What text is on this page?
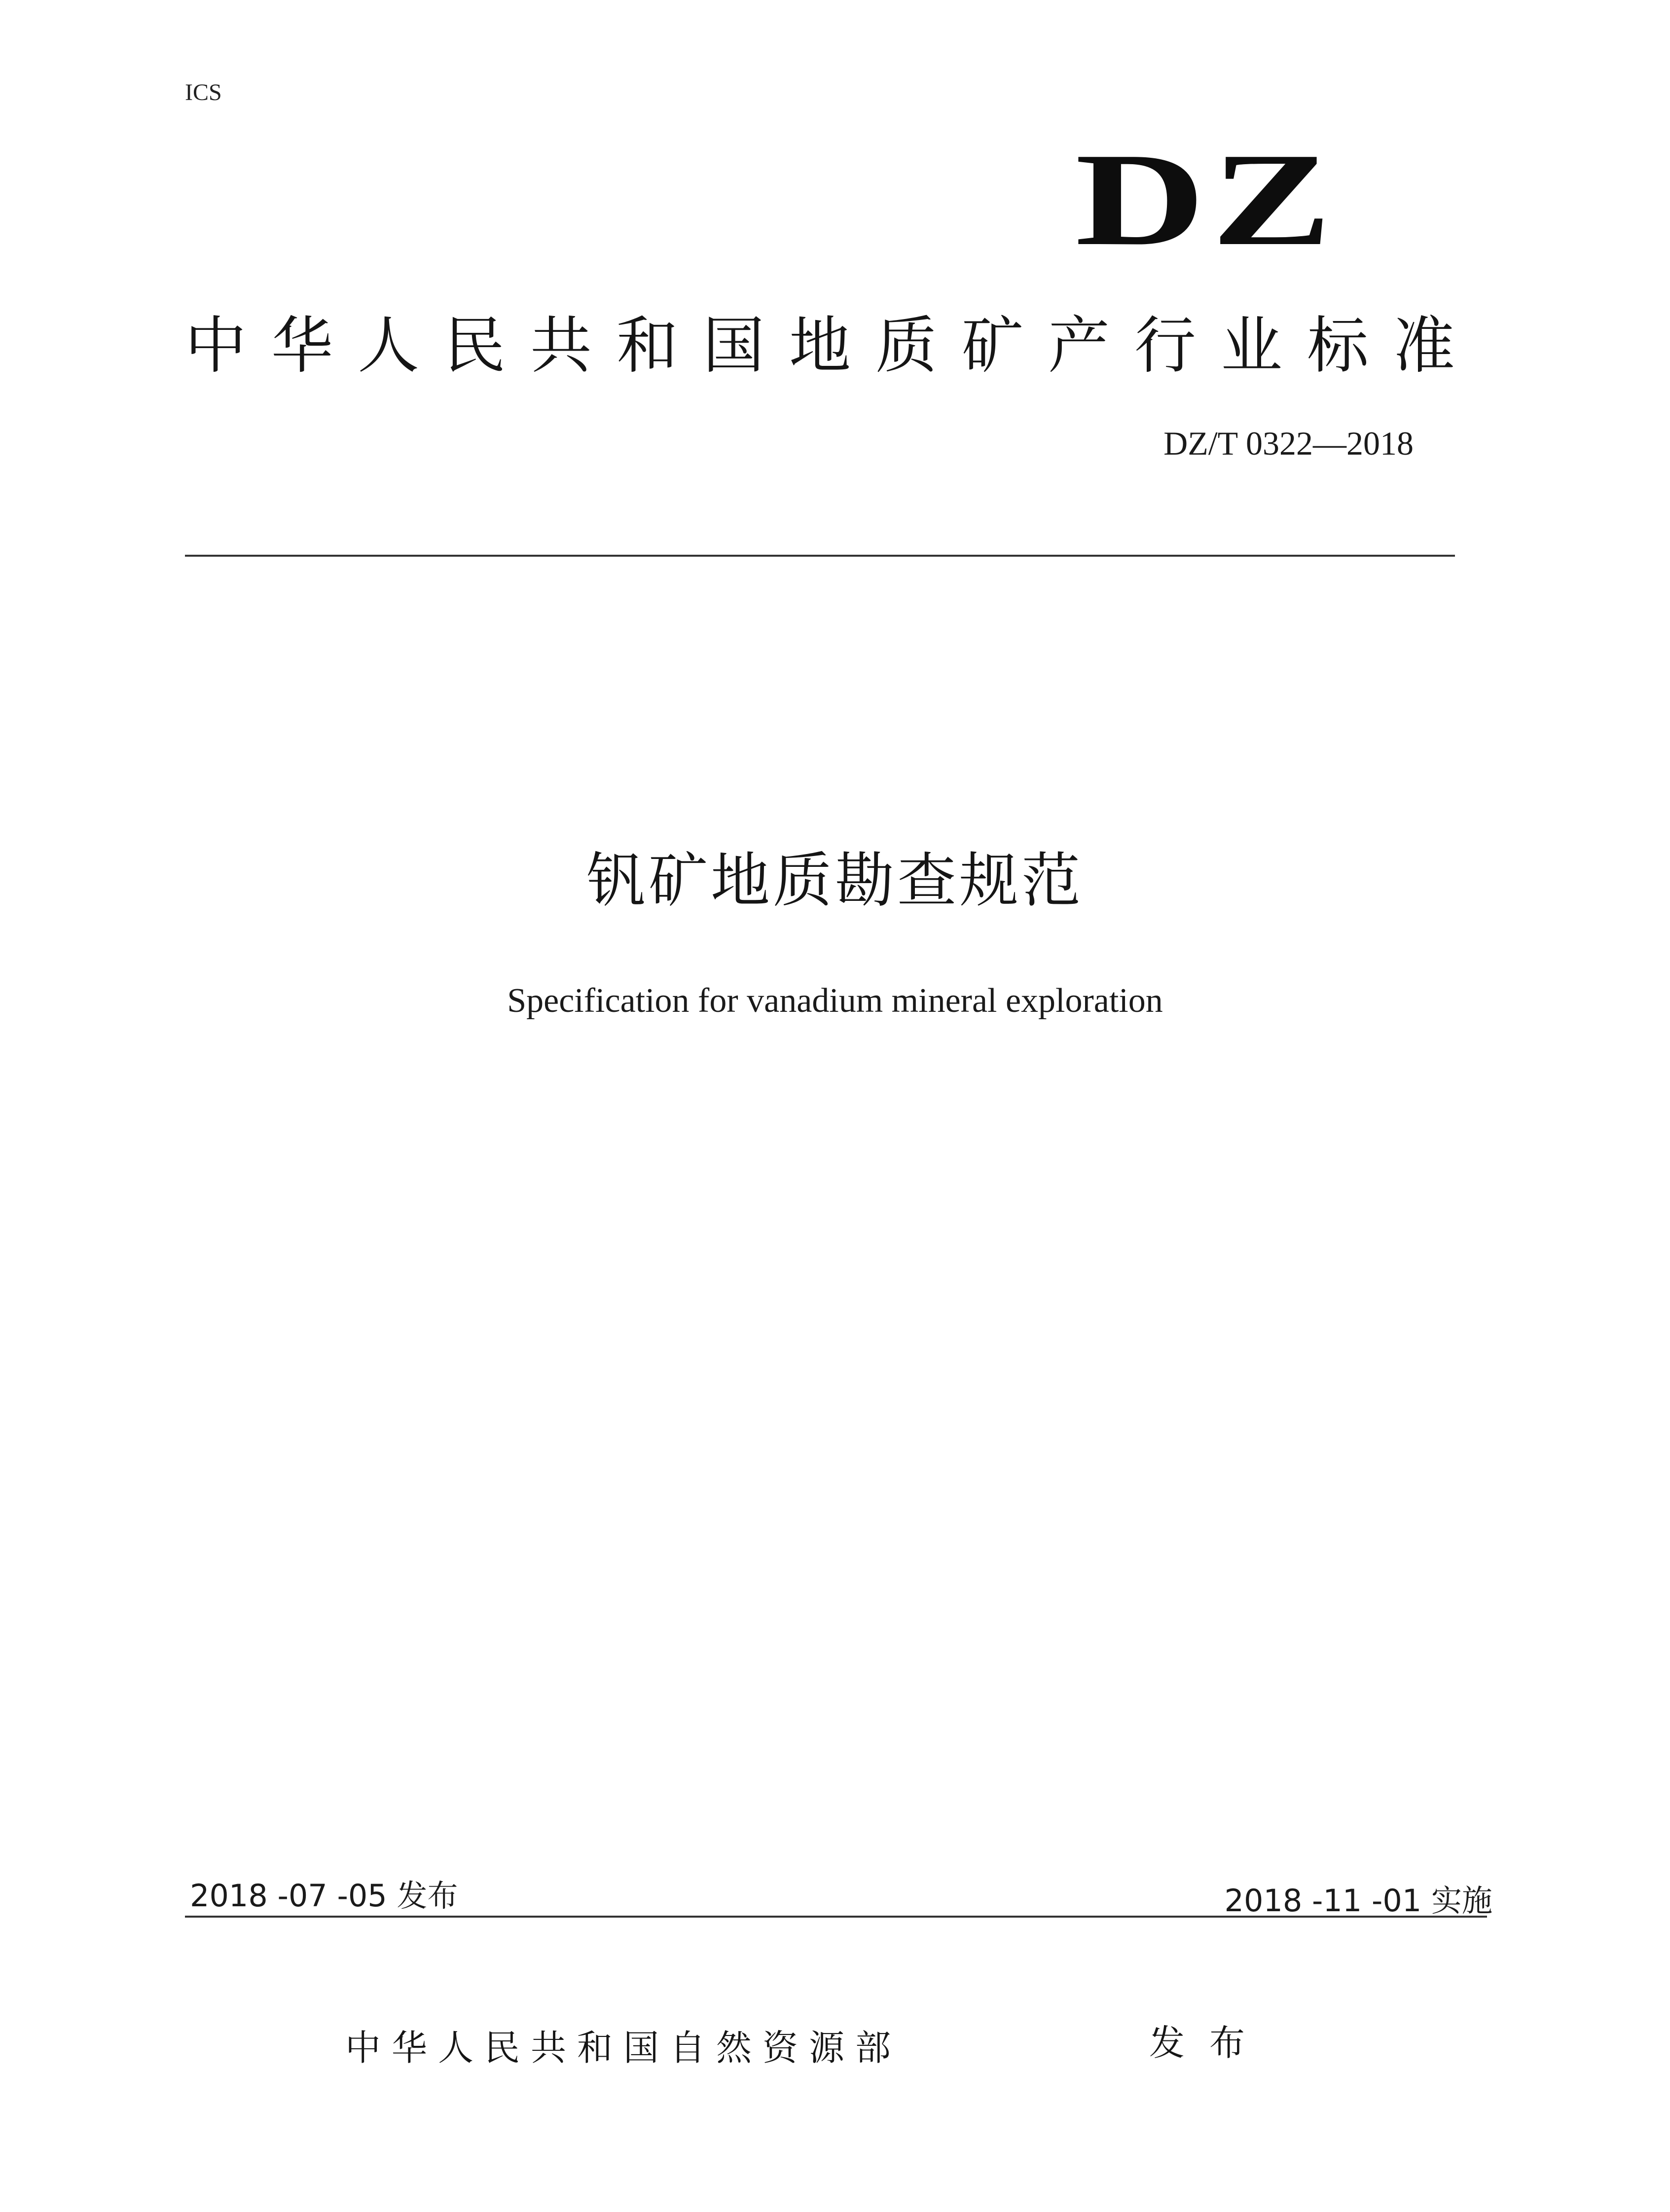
ICS
DZ
中华人民共和国地质矿产行业标准
DZ/T 0322—2018
钒矿地质勘查规范
Specification for vanadium mineral exploration
2018 -07 -05 发布	2018 -11 -01 实施
中华人民共和国自然资源部	发布
